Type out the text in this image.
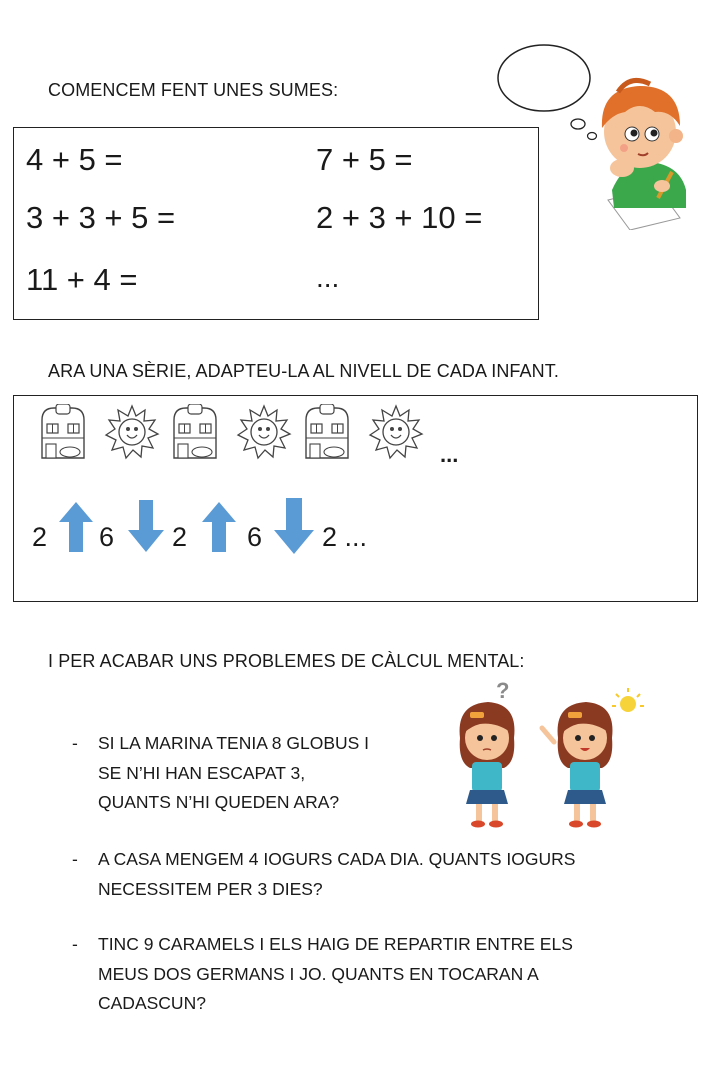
COMENCEM FENT UNES SUMES:
4 + 5 =	7 + 5 =
3 + 3 + 5 =	2 + 3 + 10 =
11 + 4 =	...
ARA UNA SÈRIE, ADAPTEU-LA AL NIVELL DE CADA INFANT.
...
2 6 2 6 2 ...
I PER ACABAR UNS PROBLEMES DE CÀLCUL MENTAL:
?
- SI LA MARINA TENIA 8 GLOBUS I
SE N’HI HAN ESCAPAT 3,
QUANTS N’HI QUEDEN ARA?
- A CASA MENGEM 4 IOGURS CADA DIA. QUANTS IOGURS
NECESSITEM PER 3 DIES?
- TINC 9 CARAMELS I ELS HAIG DE REPARTIR ENTRE ELS
MEUS DOS GERMANS I JO. QUANTS EN TOCARAN A
CADASCUN?
